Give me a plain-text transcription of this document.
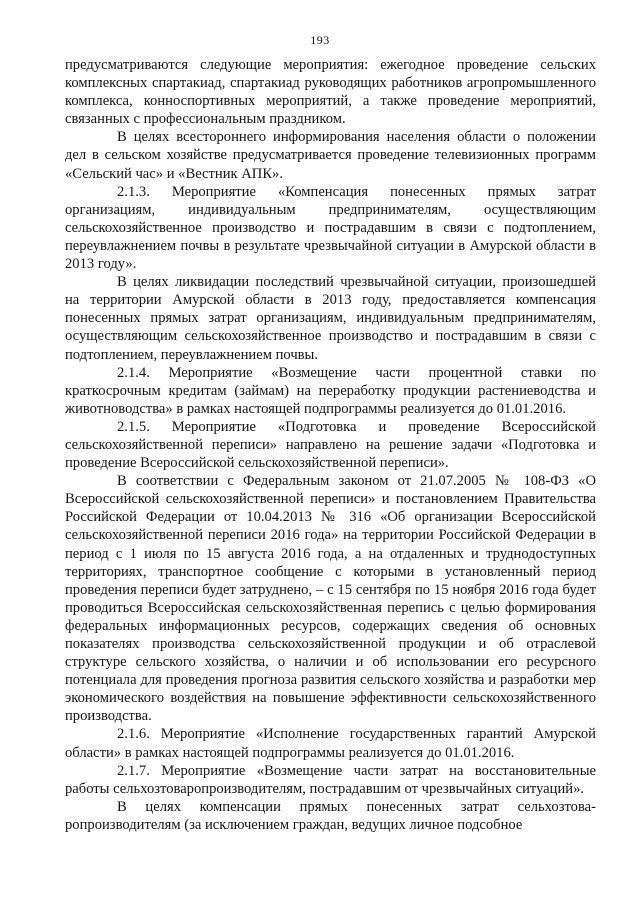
193

предусматриваются следующие мероприятия: ежегодное проведение сельских комплексных спартакиад, спартакиад руководящих работников агропромышленного комплекса, конноспортивных мероприятий, а также проведение мероприятий, связанных с профессиональным праздником.

В целях всестороннего информирования населения области о положении дел в сельском хозяйстве предусматривается проведение телевизионных программ «Сельский час» и «Вестник АПК».

2.1.3. Мероприятие «Компенсация понесенных прямых затрат организациям, индивидуальным предпринимателям, осуществляющим сельскохозяйственное производство и пострадавшим в связи с подтоплением, переувлажнением почвы в результате чрезвычайной ситуации в Амурской области в 2013 году».

В целях ликвидации последствий чрезвычайной ситуации, произошедшей на территории Амурской области в 2013 году, предоставляется компенсация понесенных прямых затрат организациям, индивидуальным предпринимателям, осуществляющим сельскохозяйственное производство и пострадавшим в связи с подтоплением, переувлажнением почвы.

2.1.4. Мероприятие «Возмещение части процентной ставки по краткосрочным кредитам (займам) на переработку продукции растениеводства и животноводства» в рамках настоящей подпрограммы реализуется до 01.01.2016.

2.1.5. Мероприятие «Подготовка и проведение Всероссийской сельскохозяйственной переписи» направлено на решение задачи «Подготовка и проведение Всероссийской сельскохозяйственной переписи».

В соответствии с Федеральным законом от 21.07.2005 № 108-ФЗ «О Всероссийской сельскохозяйственной переписи» и постановлением Правительства Российской Федерации от 10.04.2013 № 316 «Об организации Всероссийской сельскохозяйственной переписи 2016 года» на территории Российской Федерации в период с 1 июля по 15 августа 2016 года, а на отдаленных и труднодоступных территориях, транспортное сообщение с которыми в установленный период проведения переписи будет затруднено, – с 15 сентября по 15 ноября 2016 года будет проводиться Всероссийская сельскохозяйственная перепись с целью формирования федеральных информационных ресурсов, содержащих сведения об основных показателях производства сельскохозяйственной продукции и об отраслевой структуре сельского хозяйства, о наличии и об использовании его ресурсного потенциала для проведения прогноза развития сельского хозяйства и разработки мер экономического воздействия на повышение эффективности сельскохозяйственного производства.

2.1.6. Мероприятие «Исполнение государственных гарантий Амурской области» в рамках настоящей подпрограммы реализуется до 01.01.2016.

2.1.7. Мероприятие «Возмещение части затрат на восстановительные работы сельхозтоваропроизводителям, пострадавшим от чрезвычайных ситуаций».

В целях компенсации прямых понесенных затрат сельхозтова-ропроизводителям (за исключением граждан, ведущих личное подсобное
